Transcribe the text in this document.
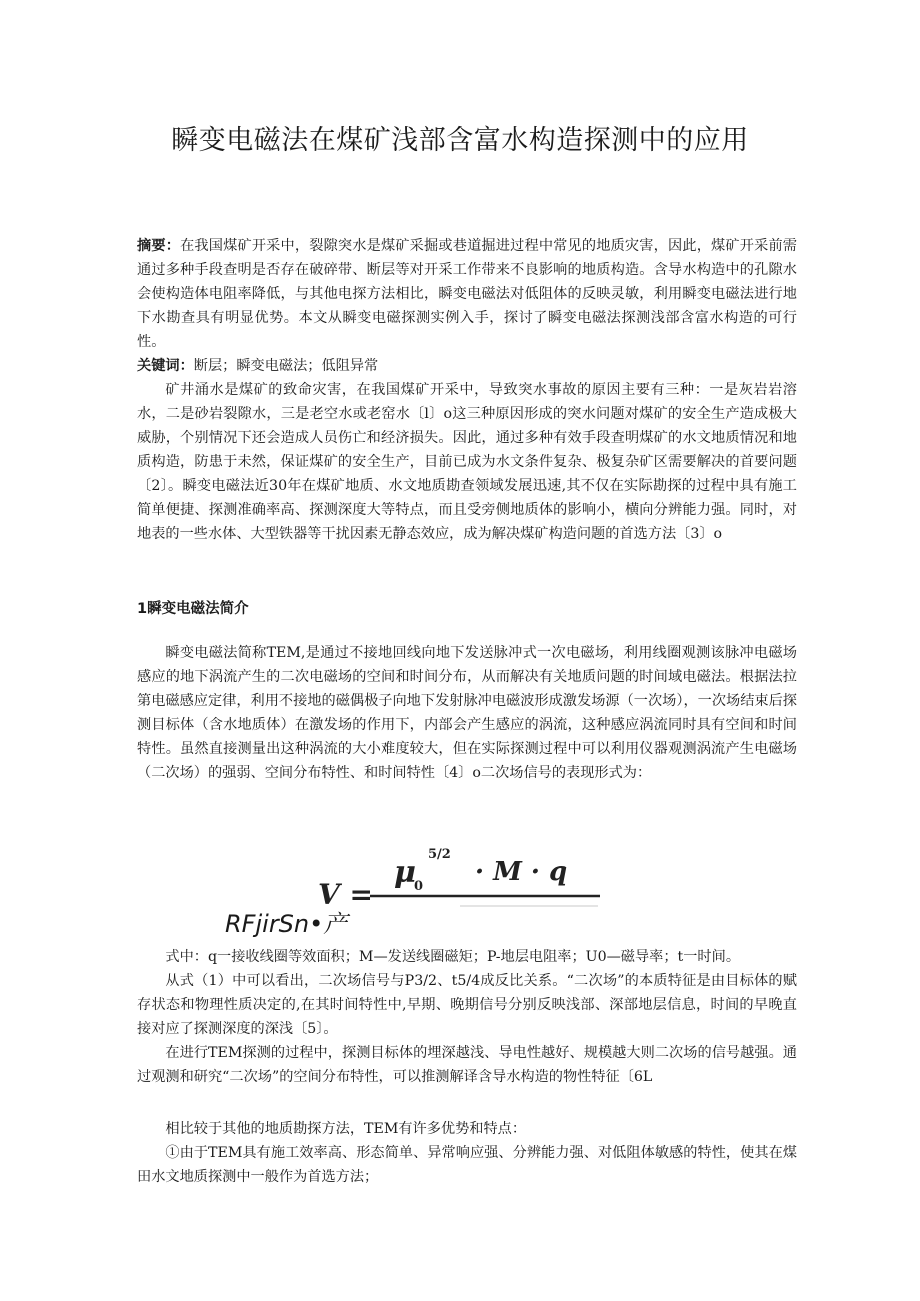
瞬变电磁法在煤矿浅部含富水构造探测中的应用

摘要：在我国煤矿开采中，裂隙突水是煤矿采掘或巷道掘进过程中常见的地质灾害，因此，煤矿开采前需通过多种手段查明是否存在破碎带、断层等对开采工作带来不良影响的地质构造。含导水构造中的孔隙水会使构造体电阻率降低，与其他电探方法相比，瞬变电磁法对低阻体的反映灵敏，利用瞬变电磁法进行地下水勘查具有明显优势。本文从瞬变电磁探测实例入手，探讨了瞬变电磁法探测浅部含富水构造的可行性。

关键词：断层；瞬变电磁法；低阻异常

矿井涌水是煤矿的致命灾害，在我国煤矿开采中，导致突水事故的原因主要有三种：一是灰岩岩溶水，二是砂岩裂隙水，三是老空水或老窑水〔l〕o这三种原因形成的突水问题对煤矿的安全生产造成极大威胁，个别情况下还会造成人员伤亡和经济损失。因此，通过多种有效手段查明煤矿的水文地质情况和地质构造，防患于未然，保证煤矿的安全生产，目前已成为水文条件复杂、极复杂矿区需要解决的首要问题〔2〕。瞬变电磁法近30年在煤矿地质、水文地质勘查领域发展迅速,其不仅在实际勘探的过程中具有施工简单便捷、探测准确率高、探测深度大等特点，而且受旁侧地质体的影响小，横向分辨能力强。同时，对地表的一些水体、大型铁器等干扰因素无静态效应，成为解决煤矿构造问题的首选方法〔3〕o

1瞬变电磁法简介

瞬变电磁法简称TEM,是通过不接地回线向地下发送脉冲式一次电磁场，利用线圈观测该脉冲电磁场感应的地下涡流产生的二次电磁场的空间和时间分布，从而解决有关地质问题的时间域电磁法。根据法拉第电磁感应定律，利用不接地的磁偶极子向地下发射脉冲电磁波形成激发场源（一次场），一次场结束后探测目标体（含水地质体）在激发场的作用下，内部会产生感应的涡流，这种感应涡流同时具有空间和时间特性。虽然直接测量出这种涡流的大小难度较大，但在实际探测过程中可以利用仪器观测涡流产生电磁场（二次场）的强弱、空间分布特性、和时间特性〔4〕o二次场信号的表现形式为：

V =
μ
0
5/2
· M · q
RFjirSn•产

式中：q一接收线圈等效面积；M—发送线圈磁矩；P-地层电阻率；U0—磁导率；t一时间。

从式（1）中可以看出，二次场信号与P3/2、t5/4成反比关系。“二次场”的本质特征是由目标体的赋存状态和物理性质决定的,在其时间特性中,早期、晚期信号分别反映浅部、深部地层信息，时间的早晚直接对应了探测深度的深浅〔5〕。

在进行TEM探测的过程中，探测目标体的埋深越浅、导电性越好、规模越大则二次场的信号越强。通过观测和研究“二次场”的空间分布特性，可以推测解译含导水构造的物性特征〔6L

相比较于其他的地质勘探方法，TEM有许多优势和特点：

①由于TEM具有施工效率高、形态简单、异常响应强、分辨能力强、对低阻体敏感的特性，使其在煤田水文地质探测中一般作为首选方法；
